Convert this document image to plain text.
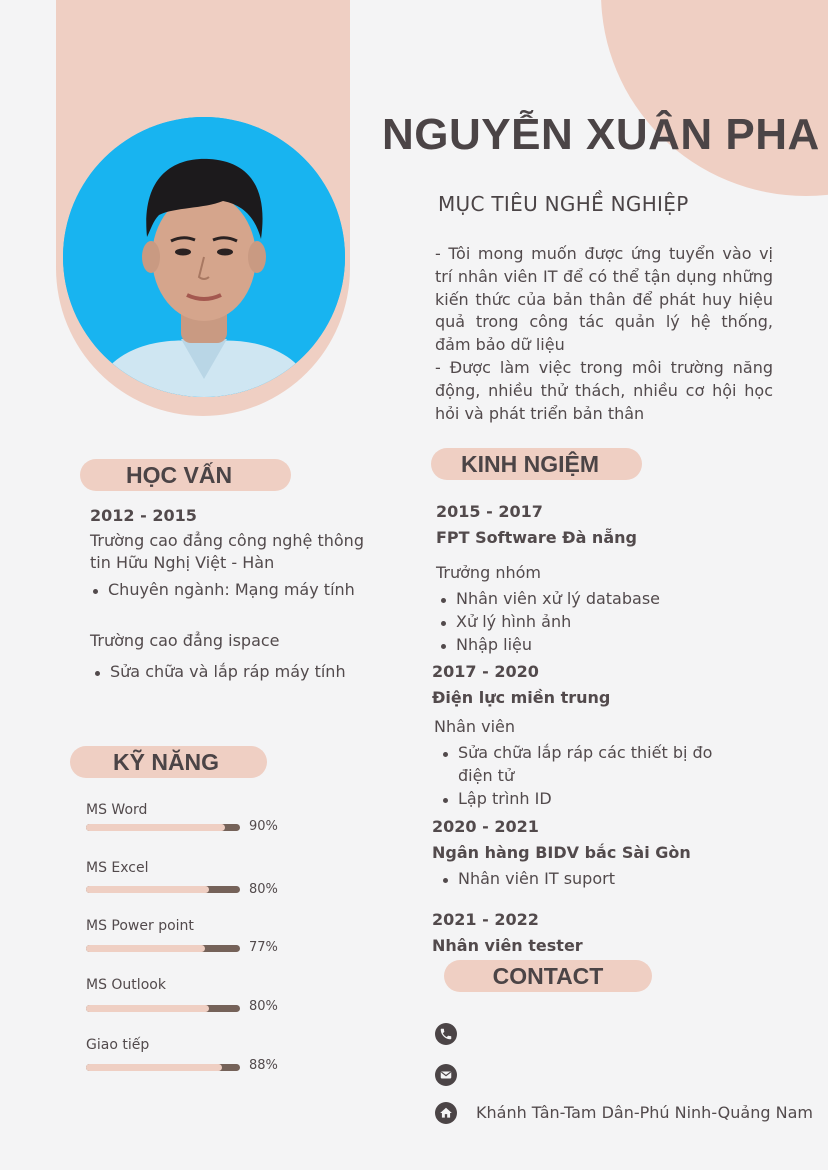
NGUYỄN XUÂN PHA
MỤC TIÊU NGHỀ NGHIỆP

- Tôi mong muốn được ứng tuyển vào vị trí nhân viên IT để có thể tận dụng những kiến thức của bản thân để phát huy hiệu quả trong công tác quản lý hệ thống, đảm bảo dữ liệu

- Được làm việc trong môi trường năng động, nhiều thử thách, nhiều cơ hội học hỏi và phát triển bản thân

HỌC VẤN
2012 - 2015
Trường cao đẳng công nghệ thông
tin Hữu Nghị Việt - Hàn
Chuyên ngành: Mạng máy tính
Trường cao đẳng ispace
Sửa chữa và lắp ráp máy tính
KỸ NĂNG
MS Word
90%
MS Excel
80%
MS Power point
77%
MS Outlook
80%
Giao tiếp
88%
KINH NGIỆM
2015 - 2017
FPT Software Đà nẵng
Trưởng nhóm
Nhân viên xử lý database
Xử lý hình ảnh
Nhập liệu
2017 - 2020
Điện lực miền trung
Nhân viên
Sửa chữa lắp ráp các thiết bị đo
điện tử
Lập trình ID
2020 - 2021
Ngân hàng BIDV bắc Sài Gòn
Nhân viên IT suport
2021 - 2022
Nhân viên tester
CONTACT
Khánh Tân-Tam Dân-Phú Ninh-Quảng Nam
